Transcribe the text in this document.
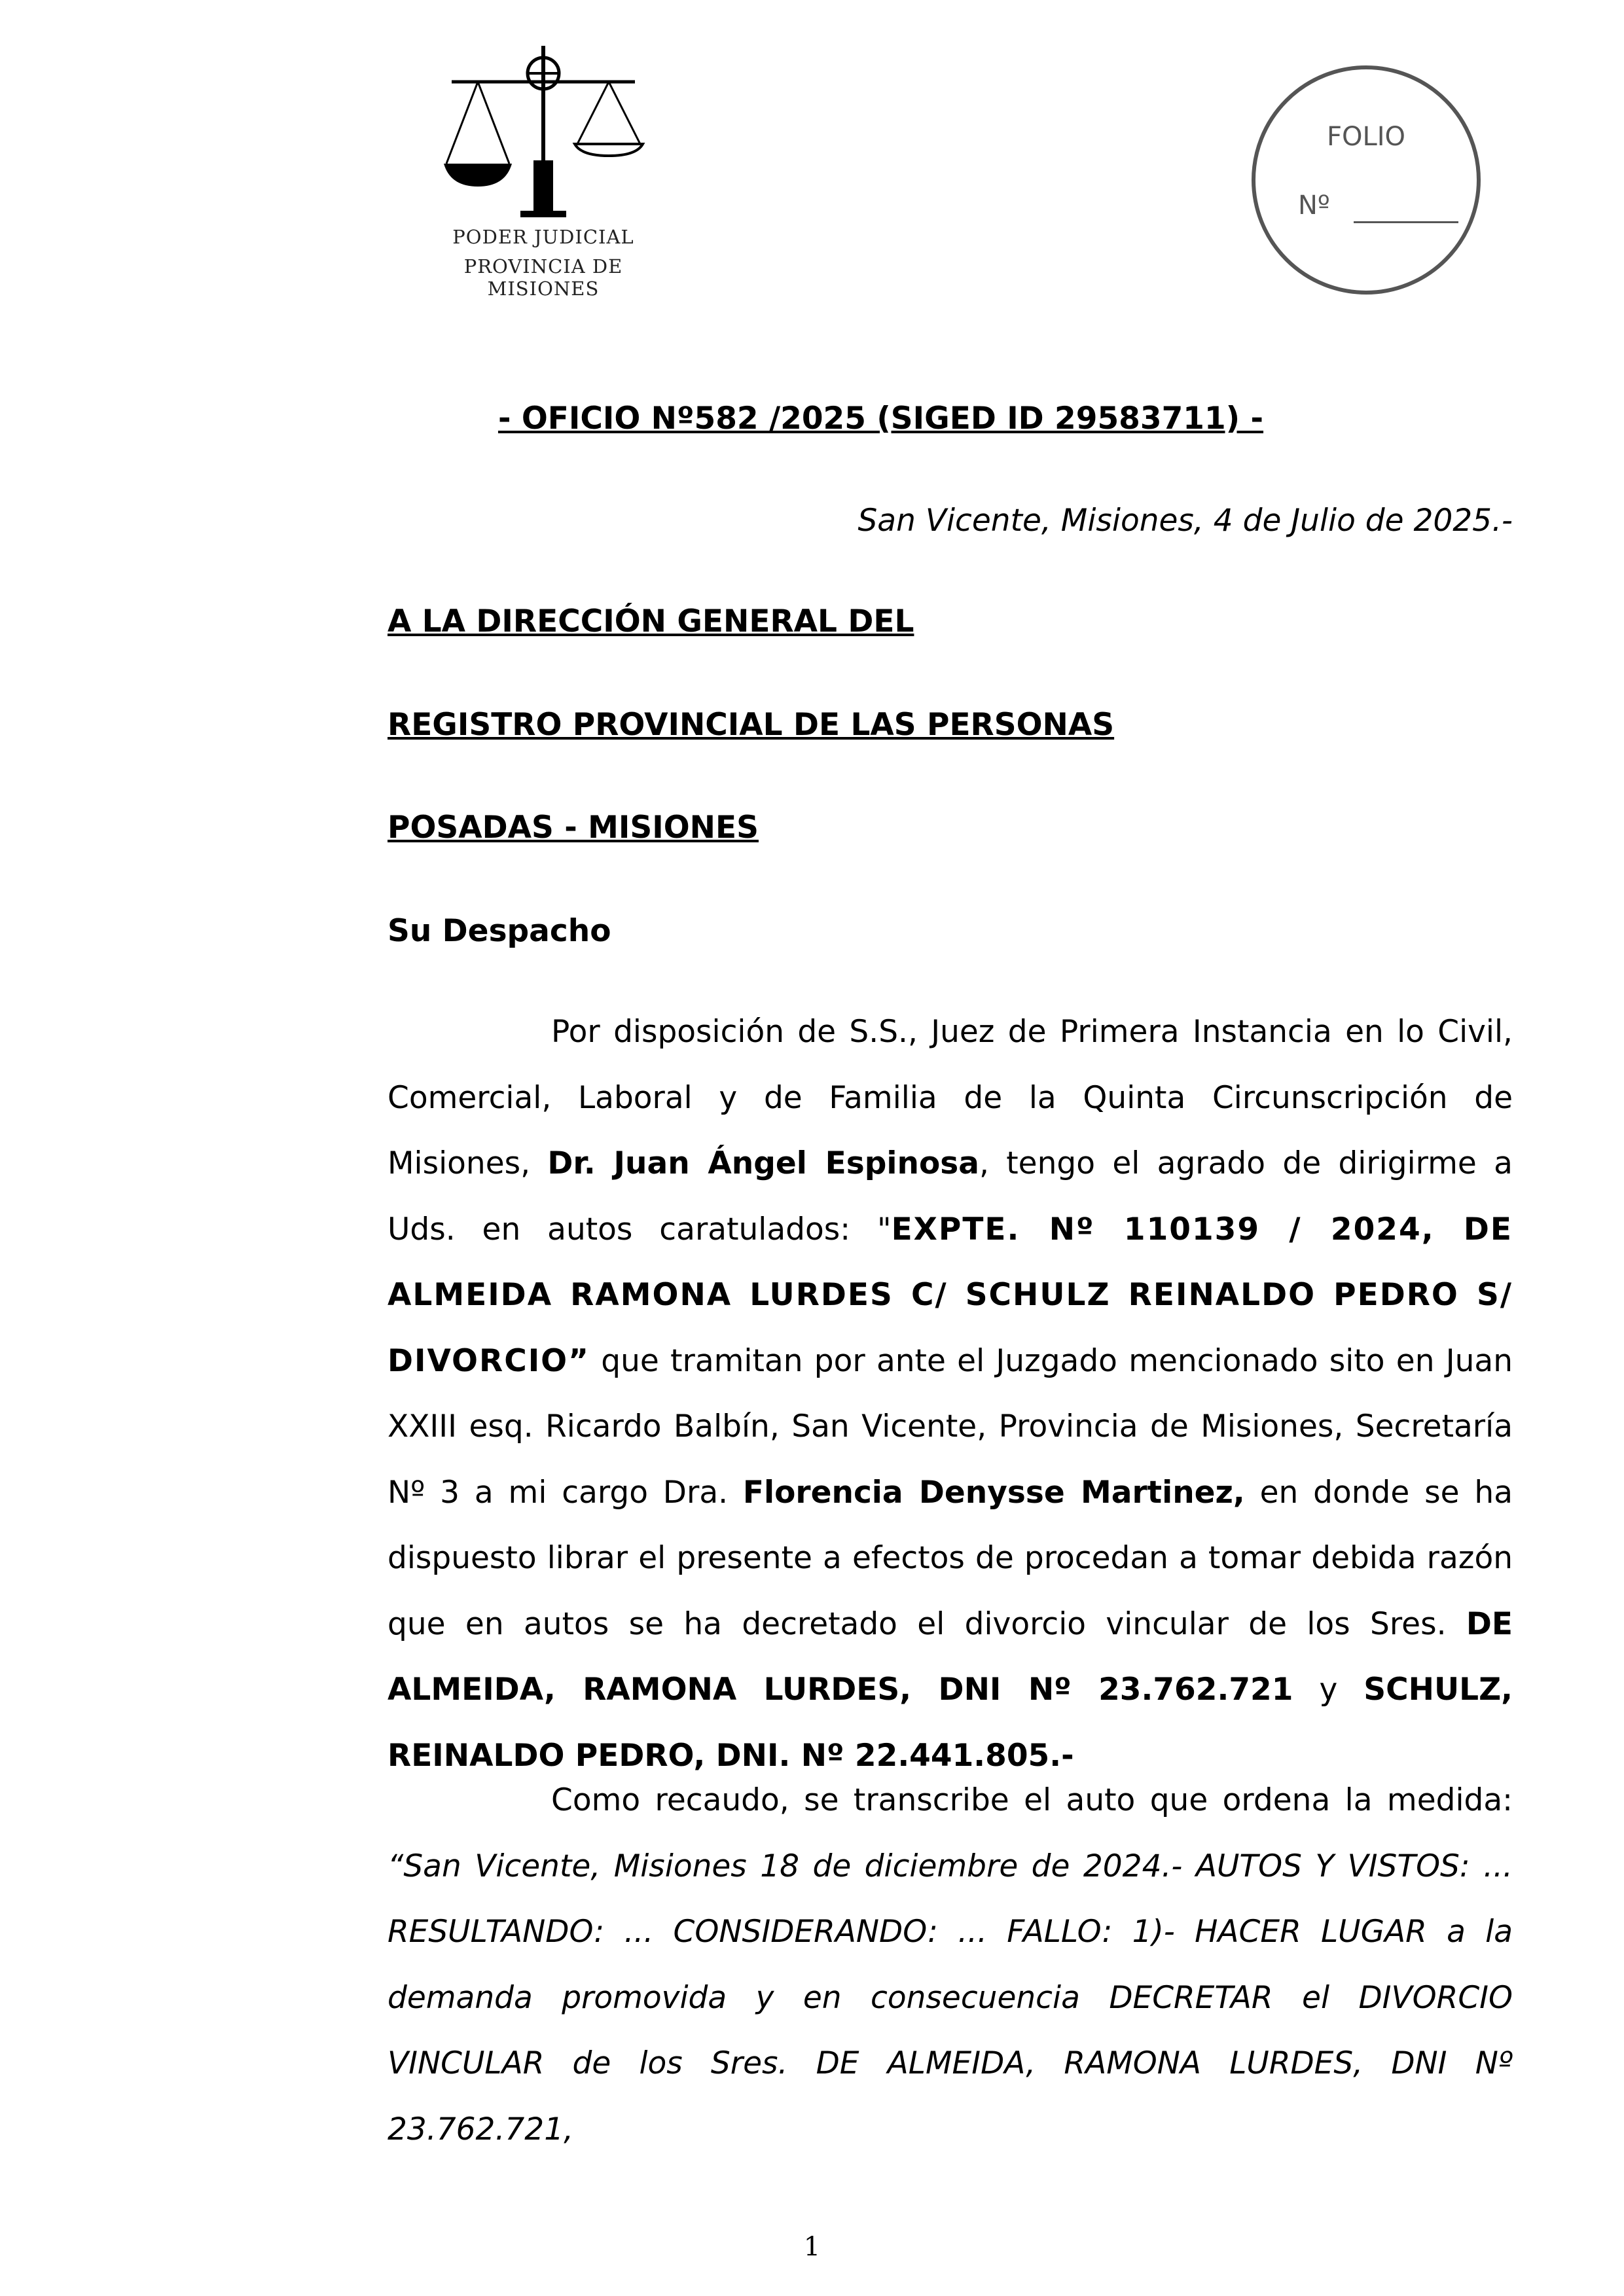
PODER JUDICIAL
PROVINCIA DE MISIONES
FOLIO
Nº
- OFICIO Nº582 /2025 (SIGED ID 29583711) -
San Vicente, Misiones, 4 de Julio de 2025.-
A LA DIRECCIÓN GENERAL DEL
REGISTRO PROVINCIAL DE LAS PERSONAS
POSADAS - MISIONES
Su Despacho
Por disposición de S.S., Juez de Primera Instancia en lo Civil, Comercial, Laboral y de Familia de la Quinta Circunscripción de Misiones, Dr. Juan Ángel Espinosa, tengo el agrado de dirigirme a Uds. en autos caratulados: "EXPTE. Nº 110139 / 2024, DE ALMEIDA RAMONA LURDES C/ SCHULZ REINALDO PEDRO S/ DIVORCIO” que tramitan por ante el Juzgado mencionado sito en Juan XXIII esq. Ricardo Balbín, San Vicente, Provincia de Misiones, Secretaría Nº 3 a mi cargo Dra. Florencia Denysse Martinez, en donde se ha dispuesto librar el presente a efectos de procedan a tomar debida razón que en autos se ha decretado el divorcio vincular de los Sres. DE ALMEIDA, RAMONA LURDES, DNI Nº 23.762.721 y SCHULZ, REINALDO PEDRO, DNI. Nº 22.441.805.-
Como recaudo, se transcribe el auto que ordena la medida: “San Vicente, Misiones 18 de diciembre de 2024.- AUTOS Y VISTOS: ... RESULTANDO: ... CONSIDERANDO: ... FALLO: 1)- HACER LUGAR a la demanda promovida y en consecuencia DECRETAR el DIVORCIO VINCULAR de los Sres. DE ALMEIDA, RAMONA LURDES, DNI Nº 23.762.721,
1
